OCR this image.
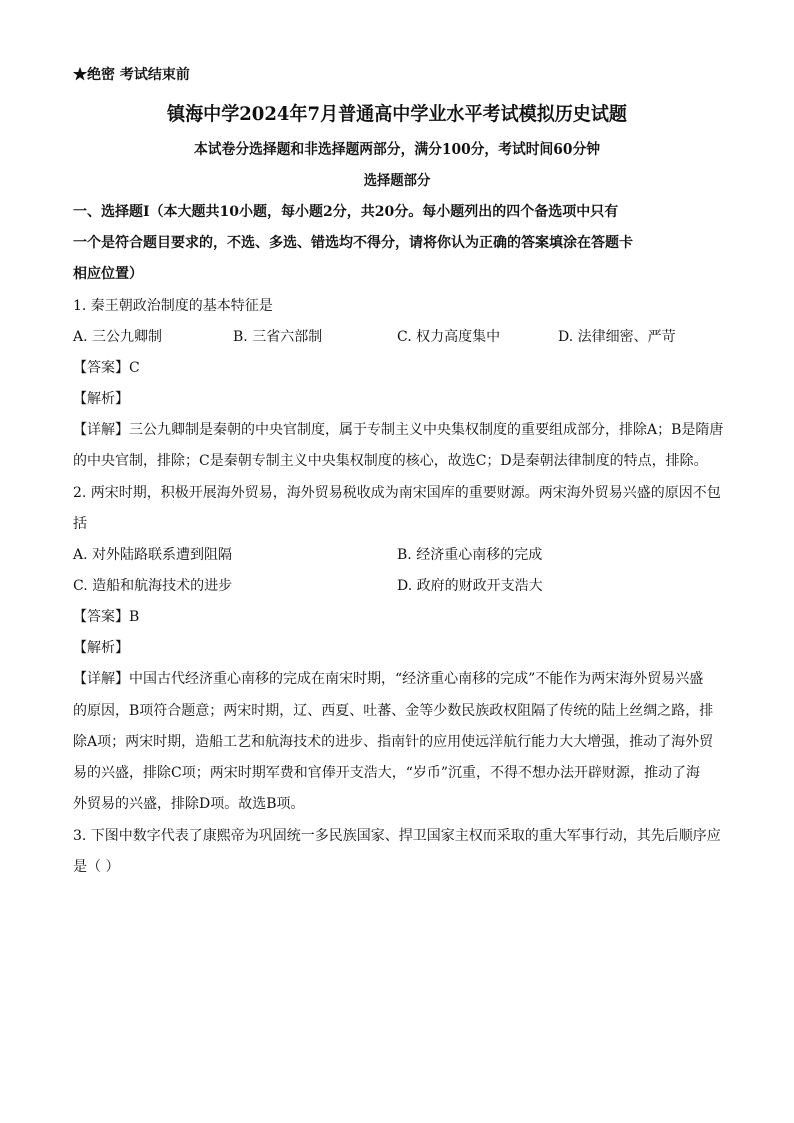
★绝密 考试结束前
镇海中学2024年7月普通高中学业水平考试模拟历史试题
本试卷分选择题和非选择题两部分，满分100分，考试时间60分钟
选择题部分
一、选择题Ⅰ（本大题共10小题，每小题2分，共20分。每小题列出的四个备选项中只有
一个是符合题目要求的，不选、多选、错选均不得分，请将你认为正确的答案填涂在答题卡
相应位置）
1. 秦王朝政治制度的基本特征是
A. 三公九卿制	B. 三省六部制	C. 权力高度集中	D. 法律细密、严苛
【答案】C
【解析】
【详解】三公九卿制是秦朝的中央官制度，属于专制主义中央集权制度的重要组成部分，排除A；B是隋唐
的中央官制，排除；C是秦朝专制主义中央集权制度的核心，故选C；D是秦朝法律制度的特点，排除。
2. 两宋时期，积极开展海外贸易，海外贸易税收成为南宋国库的重要财源。两宋海外贸易兴盛的原因不包
括
A. 对外陆路联系遭到阻隔	B. 经济重心南移的完成
C. 造船和航海技术的进步	D. 政府的财政开支浩大
【答案】B
【解析】
【详解】中国古代经济重心南移的完成在南宋时期，“经济重心南移的完成”不能作为两宋海外贸易兴盛
的原因，B项符合题意；两宋时期，辽、西夏、吐蕃、金等少数民族政权阻隔了传统的陆上丝绸之路，排
除A项；两宋时期，造船工艺和航海技术的进步、指南针的应用使远洋航行能力大大增强，推动了海外贸
易的兴盛，排除C项；两宋时期军费和官俸开支浩大，“岁币”沉重，不得不想办法开辟财源，推动了海
外贸易的兴盛，排除D项。故选B项。
3. 下图中数字代表了康熙帝为巩固统一多民族国家、捍卫国家主权而采取的重大军事行动，其先后顺序应
是（ ）
